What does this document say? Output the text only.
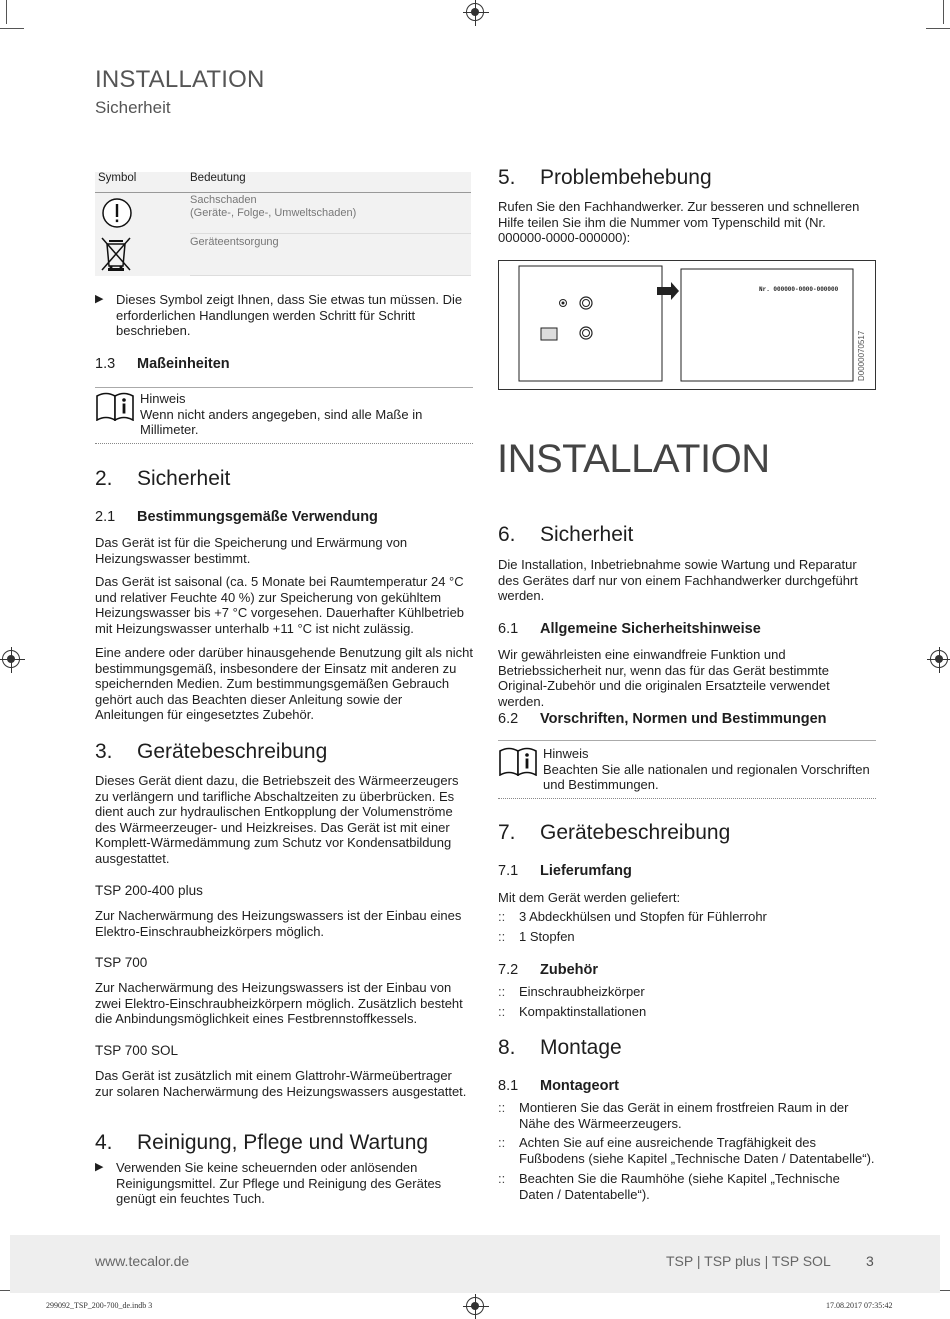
INSTALLATION
Sicherheit
Symbol	Bedeutung
Sachschaden
(Geräte-, Folge-, Umweltschaden)
Geräteentsorgung
▶ Dieses Symbol zeigt Ihnen, dass Sie etwas tun müssen. Die erforderlichen Handlungen werden Schritt für Schritt beschrieben.
1.3 Maßeinheiten
Hinweis
Wenn nicht anders angegeben, sind alle Maße in Millimeter.
2. Sicherheit
2.1 Bestimmungsgemäße Verwendung

Das Gerät ist für die Speicherung und Erwärmung von Heizungswasser bestimmt.

Das Gerät ist saisonal (ca. 5 Monate bei Raumtemperatur 24 °C und relativer Feuchte 40 %) zur Speicherung von gekühltem Heizungswasser bis +7 °C vorgesehen. Dauerhafter Kühlbetrieb mit Heizungswasser unterhalb +11 °C ist nicht zulässig.

Eine andere oder darüber hinausgehende Benutzung gilt als nicht bestimmungsgemäß, insbesondere der Einsatz mit anderen zu speichernden Medien. Zum bestimmungsgemäßen Gebrauch gehört auch das Beachten dieser Anleitung sowie der Anleitungen für eingesetztes Zubehör.

3. Gerätebeschreibung

Dieses Gerät dient dazu, die Betriebszeit des Wärmeerzeugers zu verlängern und tarifliche Abschaltzeiten zu überbrücken. Es dient auch zur hydraulischen Entkopplung der Volumenströme des Wärmeerzeuger- und Heizkreises. Das Gerät ist mit einer Komplett-Wärmedämmung zum Schutz vor Kondensatbildung ausgestattet.

TSP 200-400 plus

Zur Nacherwärmung des Heizungswassers ist der Einbau eines Elektro-Einschraubheizkörpers möglich.

TSP 700

Zur Nacherwärmung des Heizungswassers ist der Einbau von zwei Elektro-Einschraubheizkörpern möglich. Zusätzlich besteht die Anbindungsmöglichkeit eines Festbrennstoffkessels.

TSP 700 SOL

Das Gerät ist zusätzlich mit einem Glattrohr-Wärmeübertrager zur solaren Nacherwärmung des Heizungswassers ausgestattet.

4. Reinigung, Pflege und Wartung
▶ Verwenden Sie keine scheuernden oder anlösenden Reinigungsmittel. Zur Pflege und Reinigung des Gerätes genügt ein feuchtes Tuch.
5. Problembehebung

Rufen Sie den Fachhandwerker. Zur besseren und schnelleren Hilfe teilen Sie ihm die Nummer vom Typenschild mit (Nr. 000000-0000-000000):

Nr. 000000-0000-000000
D0000070517
INSTALLATION
6. Sicherheit

Die Installation, Inbetriebnahme sowie Wartung und Reparatur des Gerätes darf nur von einem Fachhandwerker durchgeführt werden.

6.1 Allgemeine Sicherheitshinweise

Wir gewährleisten eine einwandfreie Funktion und Betriebssicherheit nur, wenn das für das Gerät bestimmte Original-Zubehör und die originalen Ersatzteile verwendet werden.

6.2 Vorschriften, Normen und Bestimmungen
Hinweis
Beachten Sie alle nationalen und regionalen Vorschriften und Bestimmungen.
7. Gerätebeschreibung
7.1 Lieferumfang

Mit dem Gerät werden geliefert:

:: 3 Abdeckhülsen und Stopfen für Fühlerrohr
:: 1 Stopfen
7.2 Zubehör
:: Einschraubheizkörper
:: Kompaktinstallationen
8. Montage
8.1 Montageort
:: Montieren Sie das Gerät in einem frostfreien Raum in der Nähe des Wärmeerzeugers.
:: Achten Sie auf eine ausreichende Tragfähigkeit des Fußbodens (siehe Kapitel „Technische Daten / Datentabelle“).
:: Beachten Sie die Raumhöhe (siehe Kapitel „Technische Daten / Datentabelle“).
www.tecalor.de	TSP | TSP plus | TSP SOL	3
299092_TSP_200-700_de.indb 3	17.08.2017 07:35:42
